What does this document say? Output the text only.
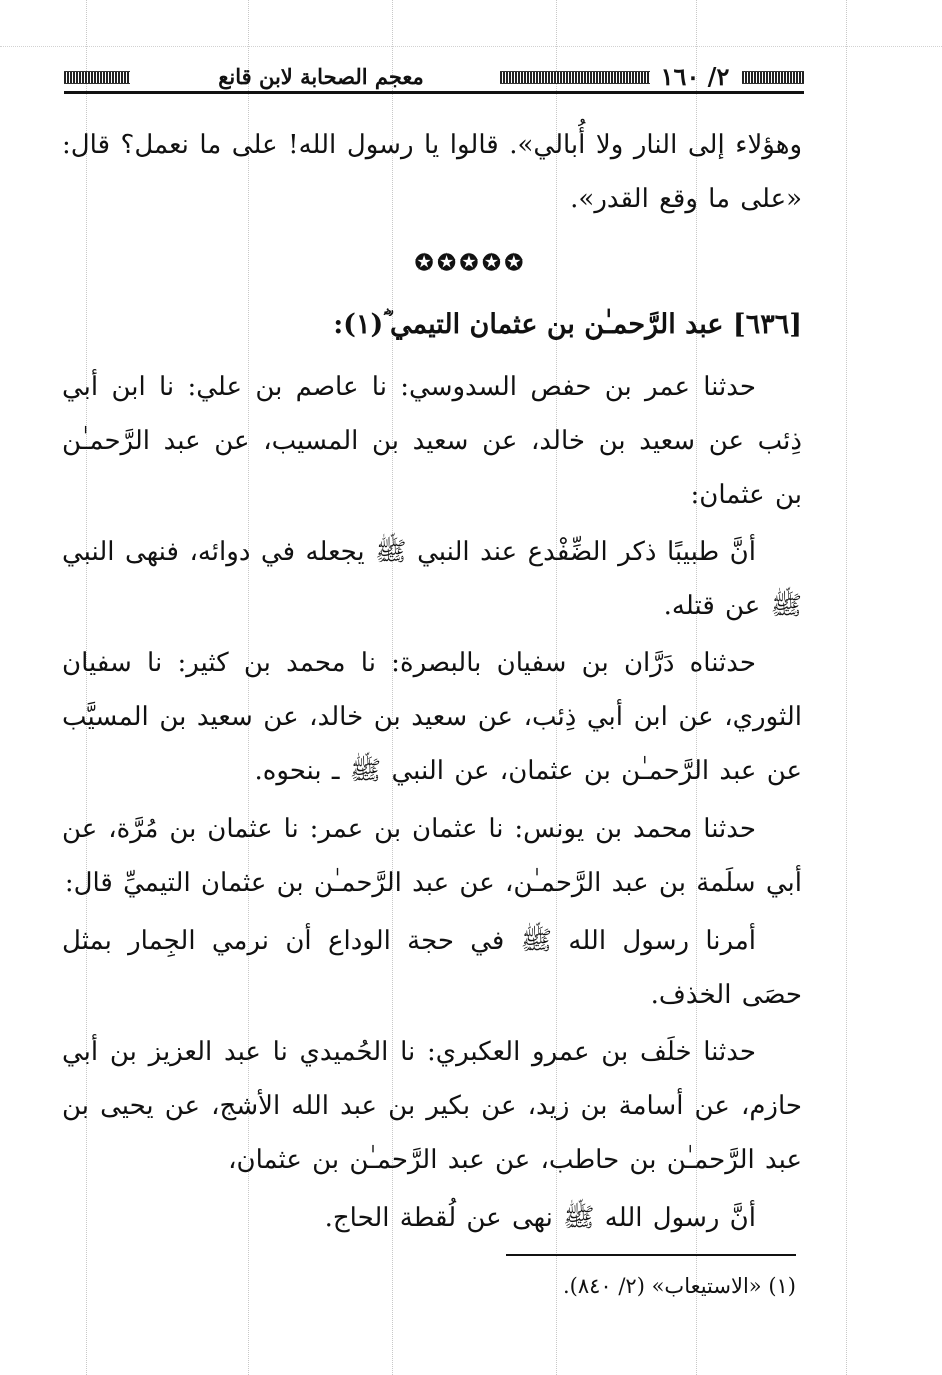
٢/ ١٦٠
معجم الصحابة لابن قانع
وهؤلاء إلى النار ولا أُبالي». قالوا يا رسول الله! على ما نعمل؟ قال: «على ما وقع القدر».
✪✪✪✪✪
[٦٣٦] عبد الرَّحمـٰن بن عثمان التيمي ؓ(١):
حدثنا عمر بن حفص السدوسي: نا عاصم بن علي: نا ابن أبي ذِئب عن سعيد بن خالد، عن سعيد بن المسيب، عن عبد الرَّحمـٰن بن عثمان:
أنَّ طبيبًا ذكر الضِّفْدع عند النبي ﷺ يجعله في دوائه، فنهى النبي ﷺ عن قتله.
حدثناه دَرَّان بن سفيان بالبصرة: نا محمد بن كثير: نا سفيان الثوري، عن ابن أبي ذِئب، عن سعيد بن خالد، عن سعيد بن المسيَّب عن عبد الرَّحمـٰن بن عثمان، عن النبي ﷺ ـ بنحوه.
حدثنا محمد بن يونس: نا عثمان بن عمر: نا عثمان بن مُرَّة، عن أبي سلَمة بن عبد الرَّحمـٰن، عن عبد الرَّحمـٰن بن عثمان التيميِّ قال:
أمرنا رسول الله ﷺ في حجة الوداع أن نرمي الجِمار بمثل حصَى الخذف.
حدثنا خلَف بن عمرو العكبري: نا الحُميدي نا عبد العزيز بن أبي حازم، عن أسامة بن زيد، عن بكير بن عبد الله الأشج، عن يحيى بن عبد الرَّحمـٰن بن حاطب، عن عبد الرَّحمـٰن بن عثمان،
أنَّ رسول الله ﷺ نهى عن لُقطة الحاج.
(١) «الاستيعاب» (٢/ ٨٤٠).
